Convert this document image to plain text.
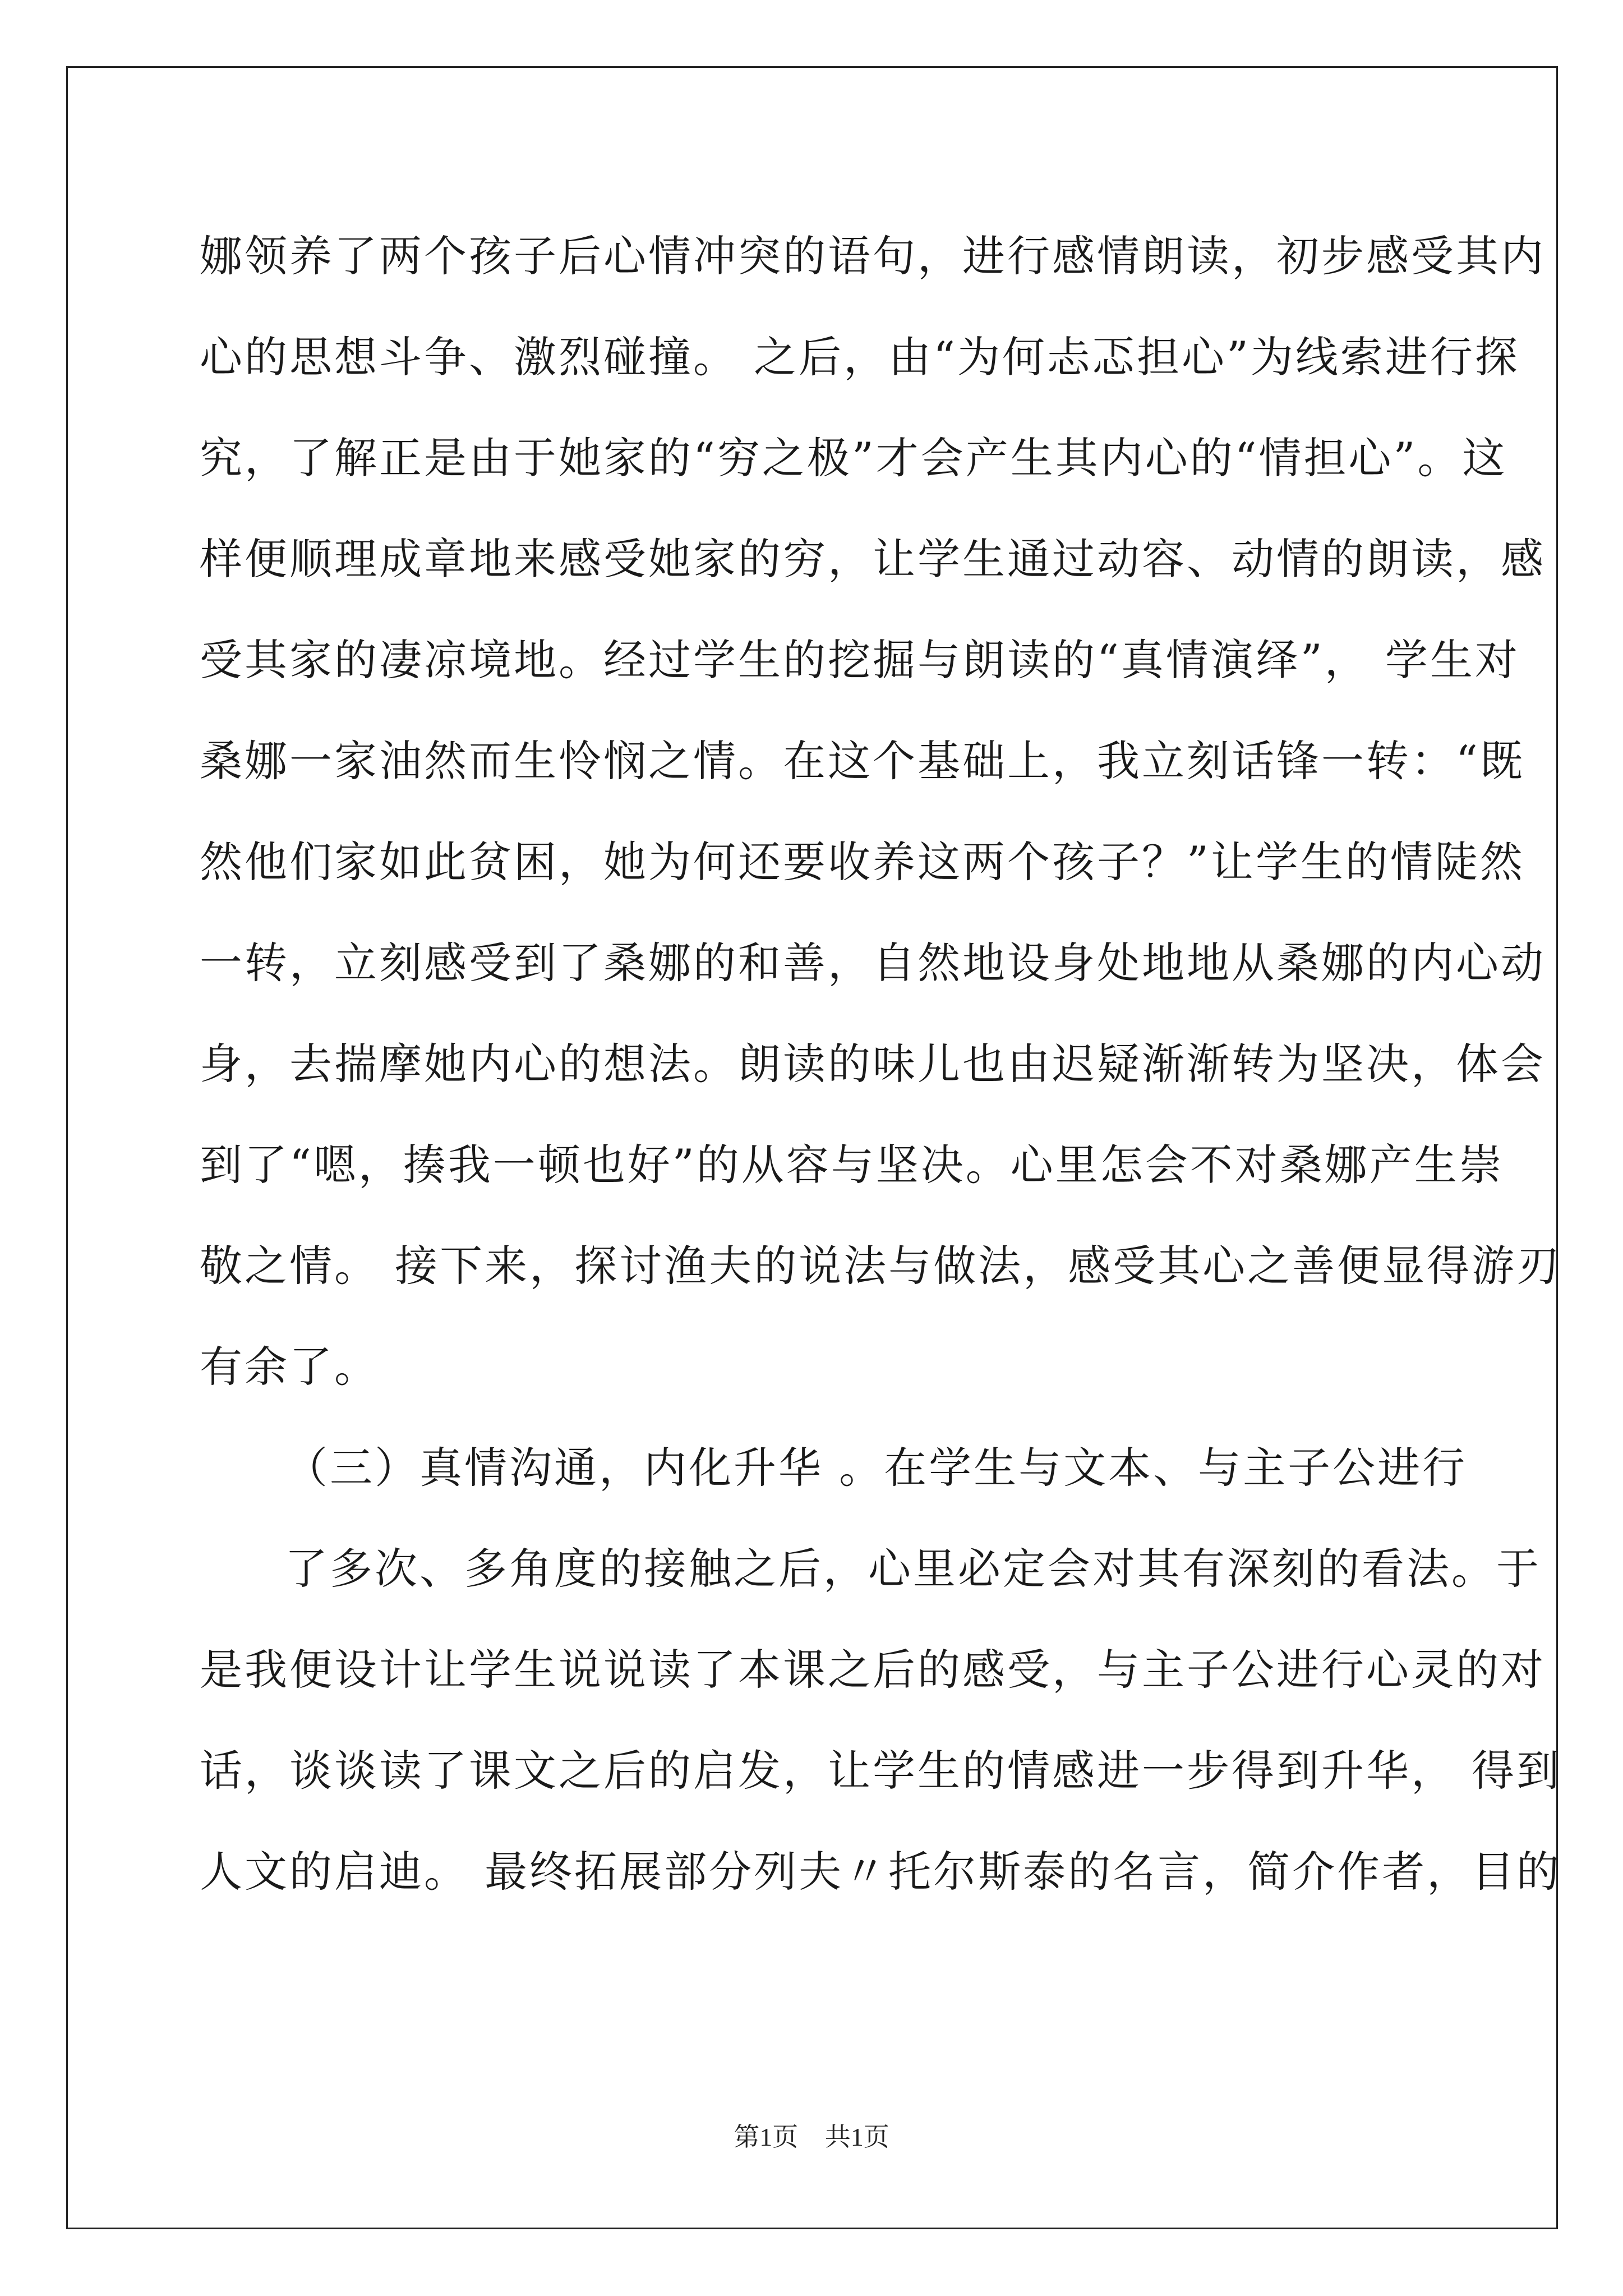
娜领养了两个孩子后心情冲突的语句，进行感情朗读，初步感受其内
心的思想斗争、激烈碰撞。 之后，由“为何忐忑担心”为线索进行探
究，了解正是由于她家的“穷之极”才会产生其内心的“情担心”。这
样便顺理成章地来感受她家的穷，让学生通过动容、动情的朗读，感
受其家的凄凉境地。经过学生的挖掘与朗读的“真情演绎”， 学生对
桑娜一家油然而生怜悯之情。在这个基础上，我立刻话锋一转：“既
然他们家如此贫困，她为何还要收养这两个孩子？”让学生的情陡然
一转，立刻感受到了桑娜的和善，自然地设身处地地从桑娜的内心动
身，去揣摩她内心的想法。朗读的味儿也由迟疑渐渐转为坚决，体会
到了“嗯，揍我一顿也好”的从容与坚决。心里怎会不对桑娜产生崇
敬之情。 接下来，探讨渔夫的说法与做法，感受其心之善便显得游刃
有余了。
（三）真情沟通，内化升华 。在学生与文本、与主子公进行
了多次、多角度的接触之后，心里必定会对其有深刻的看法。于
是我便设计让学生说说读了本课之后的感受，与主子公进行心灵的对
话，谈谈读了课文之后的启发，让学生的情感进一步得到升华， 得到
人文的启迪。 最终拓展部分列夫〃托尔斯泰的名言，简介作者，目的
第1页 共1页
